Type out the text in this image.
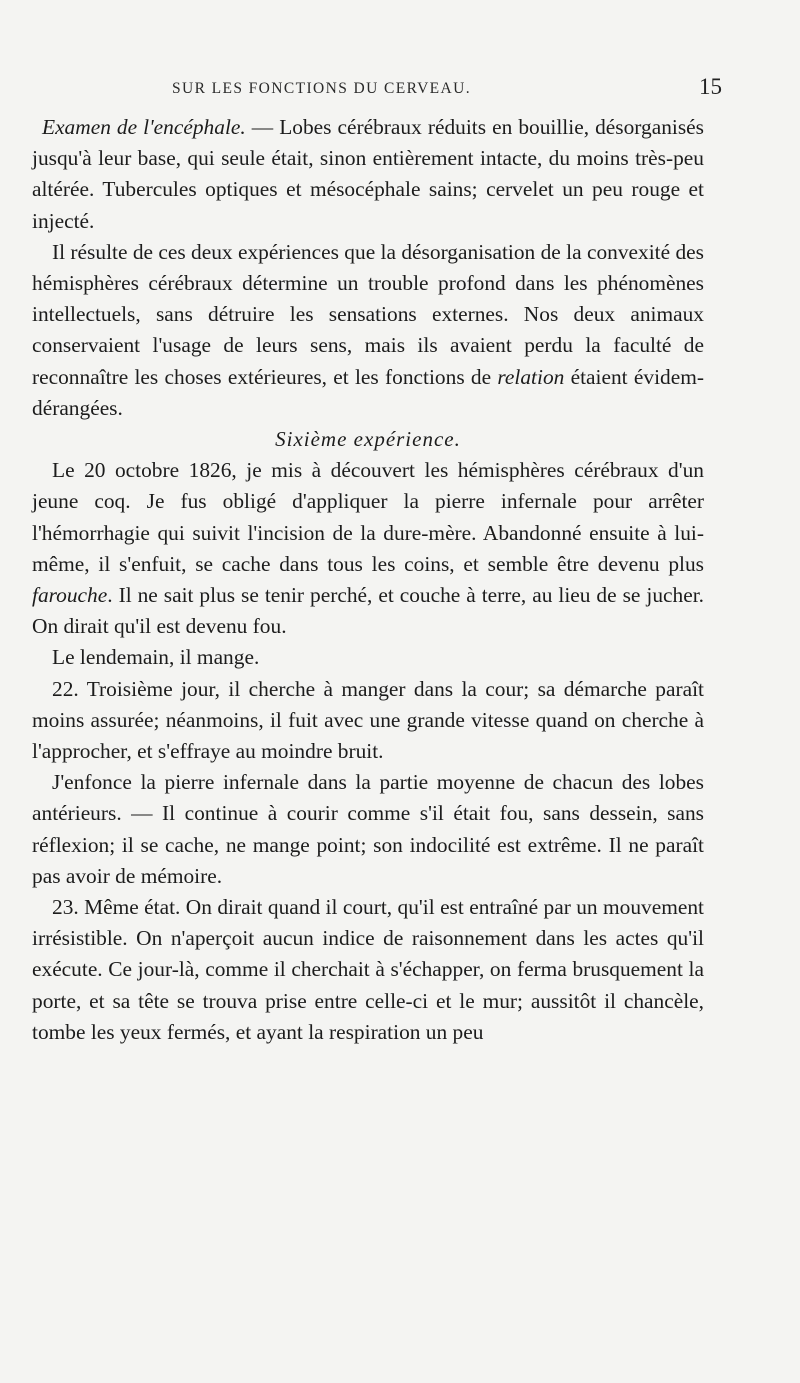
SUR LES FONCTIONS DU CERVEAU.	15

Examen de l'encéphale. — Lobes cérébraux réduits en bouillie, désorganisés jusqu'à leur base, qui seule était, sinon entièrement intacte, du moins très-peu altérée. Tubercules optiques et mésocéphale sains; cervelet un peu rouge et injecté.

Il résulte de ces deux expériences que la désorganisation de la convexité des hémisphères cérébraux détermine un trouble profond dans les phénomènes intellectuels, sans détruire les sensations externes. Nos deux animaux conservaient l'usage de leurs sens, mais ils avaient perdu la faculté de reconnaître les choses extérieures, et les fonctions de relation étaient évidem-dérangées.

Sixième expérience.

Le 20 octobre 1826, je mis à découvert les hémisphères cérébraux d'un jeune coq. Je fus obligé d'appliquer la pierre infernale pour arrêter l'hémorrhagie qui suivit l'incision de la dure-mère. Abandonné ensuite à lui-même, il s'enfuit, se cache dans tous les coins, et semble être devenu plus farouche. Il ne sait plus se tenir perché, et couche à terre, au lieu de se jucher. On dirait qu'il est devenu fou.

Le lendemain, il mange.

22. Troisième jour, il cherche à manger dans la cour; sa démarche paraît moins assurée; néanmoins, il fuit avec une grande vitesse quand on cherche à l'approcher, et s'effraye au moindre bruit.

J'enfonce la pierre infernale dans la partie moyenne de chacun des lobes antérieurs. — Il continue à courir comme s'il était fou, sans dessein, sans réflexion; il se cache, ne mange point; son indocilité est extrême. Il ne paraît pas avoir de mémoire.

23. Même état. On dirait quand il court, qu'il est entraîné par un mouvement irrésistible. On n'aperçoit aucun indice de raisonnement dans les actes qu'il exécute. Ce jour-là, comme il cherchait à s'échapper, on ferma brusquement la porte, et sa tête se trouva prise entre celle-ci et le mur; aussitôt il chancèle, tombe les yeux fermés, et ayant la respiration un peu
